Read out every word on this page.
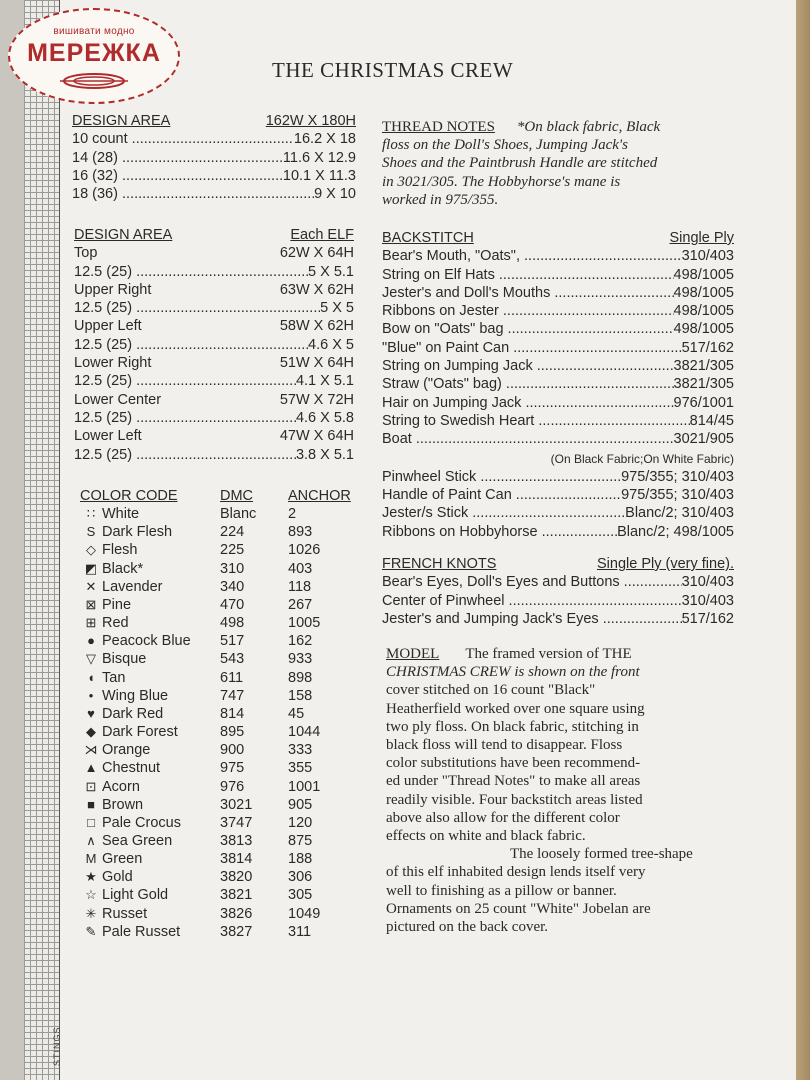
вишивати модно
МЕРЕЖКА
THE CHRISTMAS CREW
DESIGN AREA	162W X 180H
10 count .....	16.2 X 18
14 (28) .....	11.6 X 12.9
16 (32) .....	10.1 X 11.3
18 (36) .....	9 X 10
DESIGN AREA	Each ELF
Top	62W X 64H
12.5 (25) .....	5 X 5.1
Upper Right	63W X 62H
12.5 (25) .....	5 X 5
Upper Left	58W X 62H
12.5 (25) .....	4.6 X 5
Lower Right	51W X 64H
12.5 (25) .....	4.1 X 5.1
Lower Center	57W X 72H
12.5 (25) .....	4.6 X 5.8
Lower Left	47W X 64H
12.5 (25) .....	3.8 X 5.1
COLOR CODE	DMC	ANCHOR
∷ White	Blanc	2
S Dark Flesh	224	893
◇ Flesh	225	1026
◩ Black*	310	403
✕ Lavender	340	118
⊠ Pine	470	267
⊞ Red	498	1005
● Peacock Blue	517	162
▽ Bisque	543	933
◖ Tan	611	898
• Wing Blue	747	158
♥ Dark Red	814	45
◆ Dark Forest	895	1044
⋊ Orange	900	333
▲ Chestnut	975	355
⊡ Acorn	976	1001
■ Brown	3021	905
□ Pale Crocus	3747	120
∧ Sea Green	3813	875
M Green	3814	188
★ Gold	3820	306
☆ Light Gold	3821	305
✳ Russet	3826	1049
✎ Pale Russet	3827	311
THREAD NOTES *On black fabric, Black
floss on the Doll's Shoes, Jumping Jack's
Shoes and the Paintbrush Handle are stitched
in 3021/305. The Hobbyhorse's mane is
worked in 975/355.
BACKSTITCH	Single Ply
Bear's Mouth, "Oats", .....	310/403
String on Elf Hats .....	498/1005
Jester's and Doll's Mouths .....	498/1005
Ribbons on Jester .....	498/1005
Bow on "Oats" bag .....	498/1005
"Blue" on Paint Can .....	517/162
String on Jumping Jack .....	3821/305
Straw ("Oats" bag) .....	3821/305
Hair on Jumping Jack .....	976/1001
String to Swedish Heart .....	814/45
Boat .....	3021/905
(On Black Fabric;On White Fabric)
Pinwheel Stick .....	975/355; 310/403
Handle of Paint Can .....	975/355; 310/403
Jester/s Stick .....	Blanc/2; 310/403
Ribbons on Hobbyhorse .....	Blanc/2; 498/1005
FRENCH KNOTS	Single Ply (very fine).
Bear's Eyes, Doll's Eyes and Buttons .....	310/403
Center of Pinwheel .....	310/403
Jester's and Jumping Jack's Eyes .....	517/162
MODEL The framed version of THE
CHRISTMAS CREW is shown on the front
cover stitched on 16 count "Black"
Heatherfield worked over one square using
two ply floss. On black fabric, stitching in
black floss will tend to disappear. Floss
color substitutions have been recommend-
ed under "Thread Notes" to make all areas
readily visible. Four backstitch areas listed
above also allow for the different color
effects on white and black fabric.
The loosely formed tree-shape
of this elf inhabited design lends itself very
well to finishing as a pillow or banner.
Ornaments on 25 count "White" Jobelan are
pictured on the back cover.
STINGS
